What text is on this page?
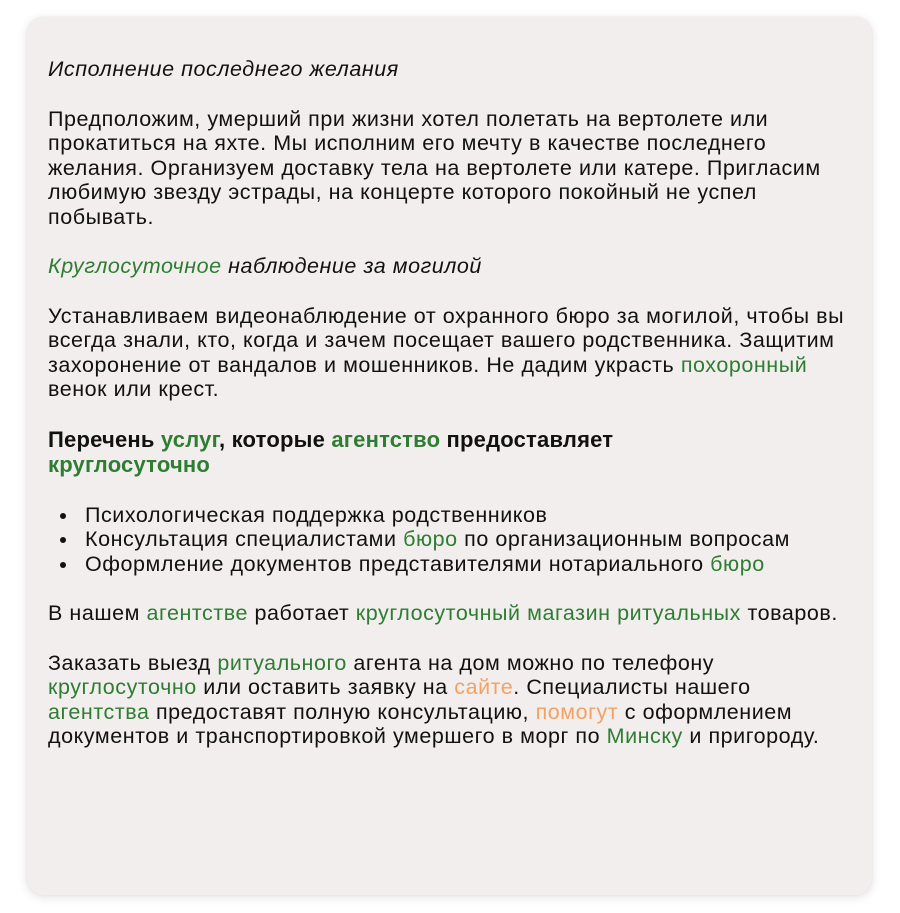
Исполнение последнего желания

Предположим, умерший при жизни хотел полетать на вертолете или прокатиться на яхте. Мы исполним его мечту в качестве последнего желания. Организуем доставку тела на вертолете или катере. Пригласим любимую звезду эстрады, на концерте которого покойный не успел побывать.

Круглосуточное наблюдение за могилой

Устанавливаем видеонаблюдение от охранного бюро за могилой, чтобы вы всегда знали, кто, когда и зачем посещает вашего родственника. Защитим захоронение от вандалов и мошенников. Не дадим украсть похоронный венок или крест.

Перечень услуг, которые агентство предоставляет
круглосуточно
Психологическая поддержка родственников
Консультация специалистами бюро по организационным вопросам
Оформление документов представителями нотариального бюро

В нашем агентстве работает круглосуточный магазин ритуальных товаров.

Заказать выезд ритуального агента на дом можно по телефону круглосуточно или оставить заявку на сайте. Специалисты нашего агентства предоставят полную консультацию, помогут с оформлением документов и транспортировкой умершего в морг по Минску и пригороду.
